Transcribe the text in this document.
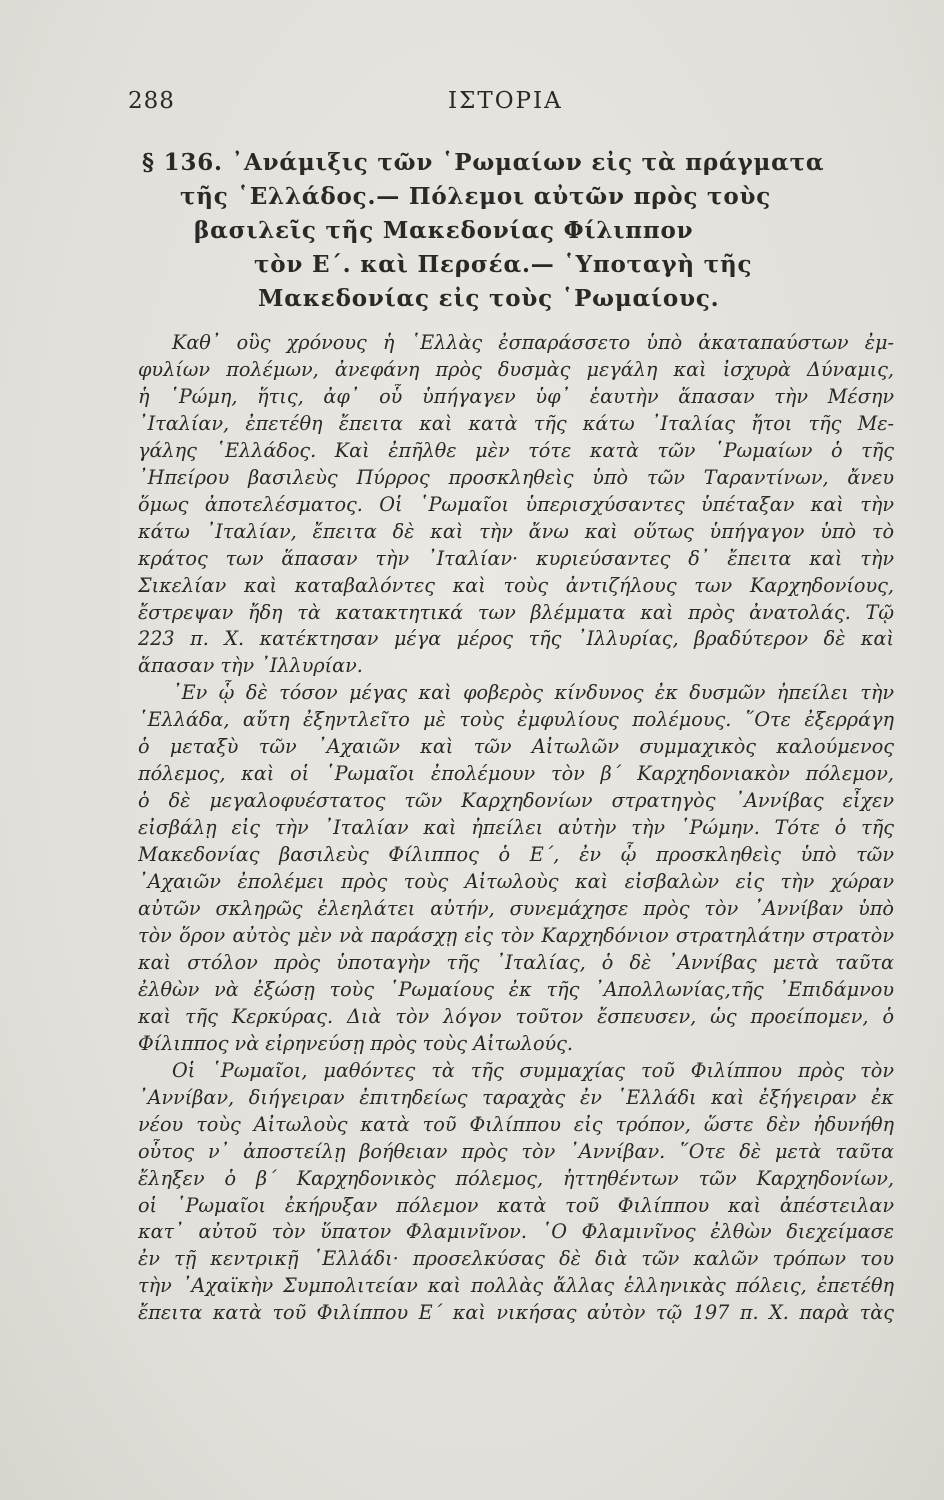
288	ΙΣΤΟΡΙΑ
§ 136. ᾽Ανάμιξις τῶν ῾Ρωμαίων εἰς τὰ πράγματα
τῆς ῾Ελλάδος.— Πόλεμοι αὐτῶν πρὸς τοὺς
βασιλεῖς τῆς Μακεδονίας Φίλιππον
τὸν Ε΄. καὶ Περσέα.— ῾Υποταγὴ τῆς
Μακεδονίας εἰς τοὺς ῾Ρωμαίους.
Καθ᾽ οὓς χρόνους ἡ ῾Ελλὰς ἐσπαράσσετο ὑπὸ ἀκαταπαύστων ἐμ-
φυλίων πολέμων, ἀνεφάνη πρὸς δυσμὰς μεγάλη καὶ ἰσχυρὰ Δύναμις,
ἡ ῾Ρώμη, ἥτις, ἀφ᾽ οὗ ὑπήγαγεν ὑφ᾽ ἑαυτὴν ἅπασαν τὴν Μέσην
᾽Ιταλίαν, ἐπετέθη ἔπειτα καὶ κατὰ τῆς κάτω ᾽Ιταλίας ἤτοι τῆς Με-
γάλης ῾Ελλάδος. Καὶ ἐπῆλθε μὲν τότε κατὰ τῶν ῾Ρωμαίων ὁ τῆς
᾽Ηπείρου βασιλεὺς Πύρρος προσκληθεὶς ὑπὸ τῶν Ταραντίνων, ἄνευ
ὅμως ἀποτελέσματος. Οἱ ῾Ρωμαῖοι ὑπερισχύσαντες ὑπέταξαν καὶ τὴν
κάτω ᾽Ιταλίαν, ἔπειτα δὲ καὶ τὴν ἄνω καὶ οὕτως ὑπήγαγον ὑπὸ τὸ
κράτος των ἅπασαν τὴν ᾽Ιταλίαν· κυριεύσαντες δ᾽ ἔπειτα καὶ τὴν
Σικελίαν καὶ καταβαλόντες καὶ τοὺς ἀντιζήλους των Καρχηδονίους,
ἔστρεψαν ἤδη τὰ κατακτητικά των βλέμματα καὶ πρὸς ἀνατολάς. Τῷ
223 π. Χ. κατέκτησαν μέγα μέρος τῆς ᾽Ιλλυρίας, βραδύτερον δὲ καὶ
ἅπασαν τὴν ᾽Ιλλυρίαν.
᾽Εν ᾧ δὲ τόσον μέγας καὶ φοβερὸς κίνδυνος ἐκ δυσμῶν ἠπείλει τὴν
῾Ελλάδα, αὕτη ἐξηντλεῖτο μὲ τοὺς ἐμφυλίους πολέμους. ῞Οτε ἐξερράγη
ὁ μεταξὺ τῶν ᾽Αχαιῶν καὶ τῶν Αἰτωλῶν συμμαχικὸς καλούμενος
πόλεμος, καὶ οἱ ῾Ρωμαῖοι ἐπολέμουν τὸν β΄ Καρχηδονιακὸν πόλεμον,
ὁ δὲ μεγαλοφυέστατος τῶν Καρχηδονίων στρατηγὸς ᾽Αννίβας εἶχεν
εἰσβάλῃ εἰς τὴν ᾽Ιταλίαν καὶ ἠπείλει αὐτὴν τὴν ῾Ρώμην. Τότε ὁ τῆς
Μακεδονίας βασιλεὺς Φίλιππος ὁ Ε΄, ἐν ᾧ προσκληθεὶς ὑπὸ τῶν
᾽Αχαιῶν ἐπολέμει πρὸς τοὺς Αἰτωλοὺς καὶ εἰσβαλὼν εἰς τὴν χώραν
αὐτῶν σκληρῶς ἐλεηλάτει αὐτήν, συνεμάχησε πρὸς τὸν ᾽Αννίβαν ὑπὸ
τὸν ὅρον αὐτὸς μὲν νὰ παράσχῃ εἰς τὸν Καρχηδόνιον στρατηλάτην στρατὸν
καὶ στόλον πρὸς ὑποταγὴν τῆς ᾽Ιταλίας, ὁ δὲ ᾽Αννίβας μετὰ ταῦτα
ἐλθὼν νὰ ἐξώσῃ τοὺς ῾Ρωμαίους ἐκ τῆς ᾽Απολλωνίας,τῆς ᾽Επιδάμνου
καὶ τῆς Κερκύρας. Διὰ τὸν λόγον τοῦτον ἔσπευσεν, ὡς προείπομεν, ὁ
Φίλιππος νὰ εἰρηνεύσῃ πρὸς τοὺς Αἰτωλούς.
Οἱ ῾Ρωμαῖοι, μαθόντες τὰ τῆς συμμαχίας τοῦ Φιλίππου πρὸς τὸν
᾽Αννίβαν, διήγειραν ἐπιτηδείως ταραχὰς ἐν ῾Ελλάδι καὶ ἐξήγειραν ἐκ
νέου τοὺς Αἰτωλοὺς κατὰ τοῦ Φιλίππου εἰς τρόπον, ὥστε δὲν ἠδυνήθη
οὗτος ν᾽ ἀποστείλῃ βοήθειαν πρὸς τὸν ᾽Αννίβαν. ῞Οτε δὲ μετὰ ταῦτα
ἔληξεν ὁ β΄ Καρχηδονικὸς πόλεμος, ἡττηθέντων τῶν Καρχηδονίων,
οἱ ῾Ρωμαῖοι ἐκήρυξαν πόλεμον κατὰ τοῦ Φιλίππου καὶ ἀπέστειλαν
κατ᾽ αὐτοῦ τὸν ὕπατον Φλαμινῖνον. ῾Ο Φλαμινῖνος ἐλθὼν διεχείμασε
ἐν τῇ κεντρικῇ ῾Ελλάδι· προσελκύσας δὲ διὰ τῶν καλῶν τρόπων του
τὴν ᾽Αχαϊκὴν Συμπολιτείαν καὶ πολλὰς ἄλλας ἑλληνικὰς πόλεις, ἐπετέθη
ἔπειτα κατὰ τοῦ Φιλίππου Ε΄ καὶ νικήσας αὐτὸν τῷ 197 π. Χ. παρὰ τὰς
